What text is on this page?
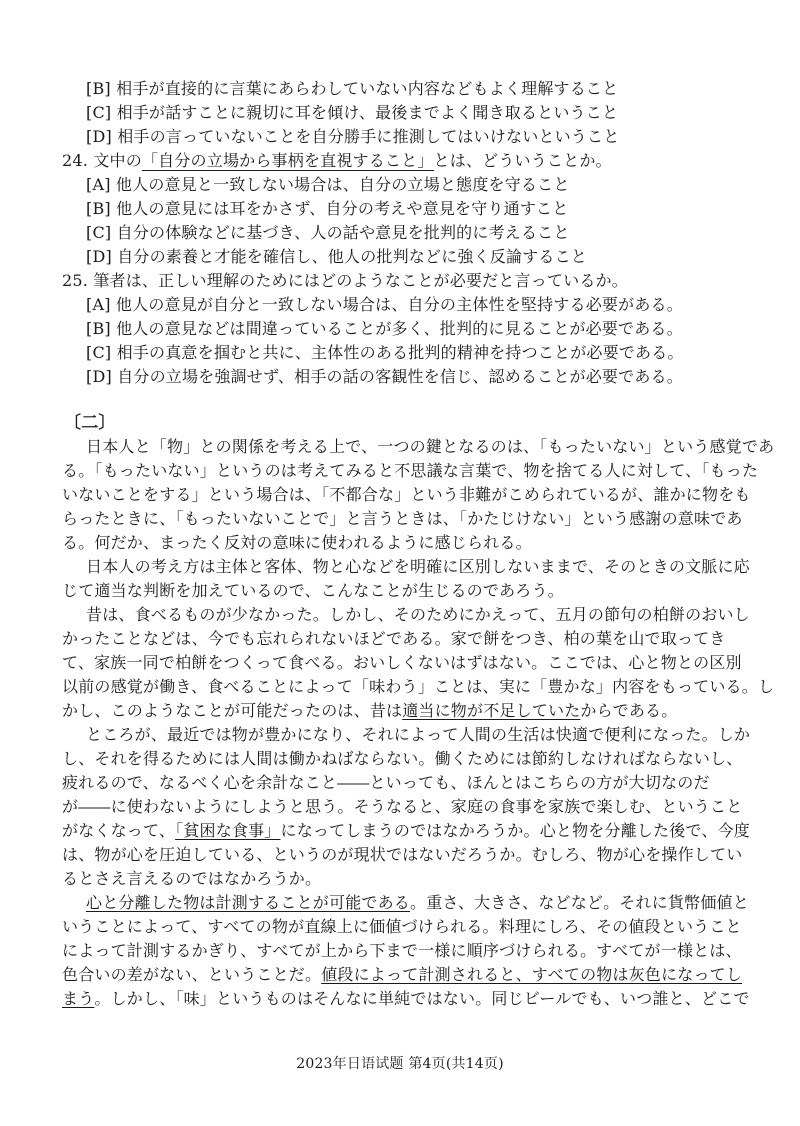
[B] 相手が直接的に言葉にあらわしていない内容などもよく理解すること
[C] 相手が話すことに親切に耳を傾け、最後までよく聞き取るということ
[D] 相手の言っていないことを自分勝手に推測してはいけないということ
24. 文中の「自分の立場から事柄を直視すること」とは、どういうことか。
[A] 他人の意見と一致しない場合は、自分の立場と態度を守ること
[B] 他人の意見には耳をかさず、自分の考えや意見を守り通すこと
[C] 自分の体験などに基づき、人の話や意見を批判的に考えること
[D] 自分の素養と才能を確信し、他人の批判などに強く反論すること
25. 筆者は、正しい理解のためにはどのようなことが必要だと言っているか。
[A] 他人の意見が自分と一致しない場合は、自分の主体性を堅持する必要がある。
[B] 他人の意見などは間違っていることが多く、批判的に見ることが必要である。
[C] 相手の真意を掴むと共に、主体性のある批判的精神を持つことが必要である。
[D] 自分の立場を強調せず、相手の話の客観性を信じ、認めることが必要である。
〔二〕
日本人と「物」との関係を考える上で、一つの鍵となるのは、「もったいない」という感覚であ
る。「もったいない」というのは考えてみると不思議な言葉で、物を捨てる人に対して、「もった
いないことをする」という場合は、「不都合な」という非難がこめられているが、誰かに物をも
らったときに、「もったいないことで」と言うときは、「かたじけない」という感謝の意味であ
る。何だか、まったく反対の意味に使われるように感じられる。
日本人の考え方は主体と客体、物と心などを明確に区別しないままで、そのときの文脈に応
じて適当な判断を加えているので、こんなことが生じるのであろう。
昔は、食べるものが少なかった。しかし、そのためにかえって、五月の節句の柏餅のおいし
かったことなどは、今でも忘れられないほどである。家で餅をつき、柏の葉を山で取ってき
て、家族一同で柏餅をつくって食べる。おいしくないはずはない。ここでは、心と物との区別
以前の感覚が働き、食べることによって「味わう」ことは、実に「豊かな」内容をもっている。し
かし、このようなことが可能だったのは、昔は適当に物が不足していたからである。
ところが、最近では物が豊かになり、それによって人間の生活は快適で便利になった。しか
し、それを得るためには人間は働かねばならない。働くためには節約しなければならないし、
疲れるので、なるべく心を余計なこと――といっても、ほんとはこちらの方が大切なのだ
が――に使わないようにしようと思う。そうなると、家庭の食事を家族で楽しむ、ということ
がなくなって、「貧困な食事」になってしまうのではなかろうか。心と物を分離した後で、今度
は、物が心を圧迫している、というのが現状ではないだろうか。むしろ、物が心を操作してい
るとさえ言えるのではなかろうか。
心と分離した物は計測することが可能である。重さ、大きさ、などなど。それに貨幣価値と
いうことによって、すべての物が直線上に価値づけられる。料理にしろ、その値段ということ
によって計測するかぎり、すべてが上から下まで一様に順序づけられる。すべてが一様とは、
色合いの差がない、ということだ。値段によって計測されると、すべての物は灰色になってし
まう。しかし、「味」というものはそんなに単純ではない。同じビールでも、いつ誰と、どこで
2023年日语试题 第4页(共14页)
